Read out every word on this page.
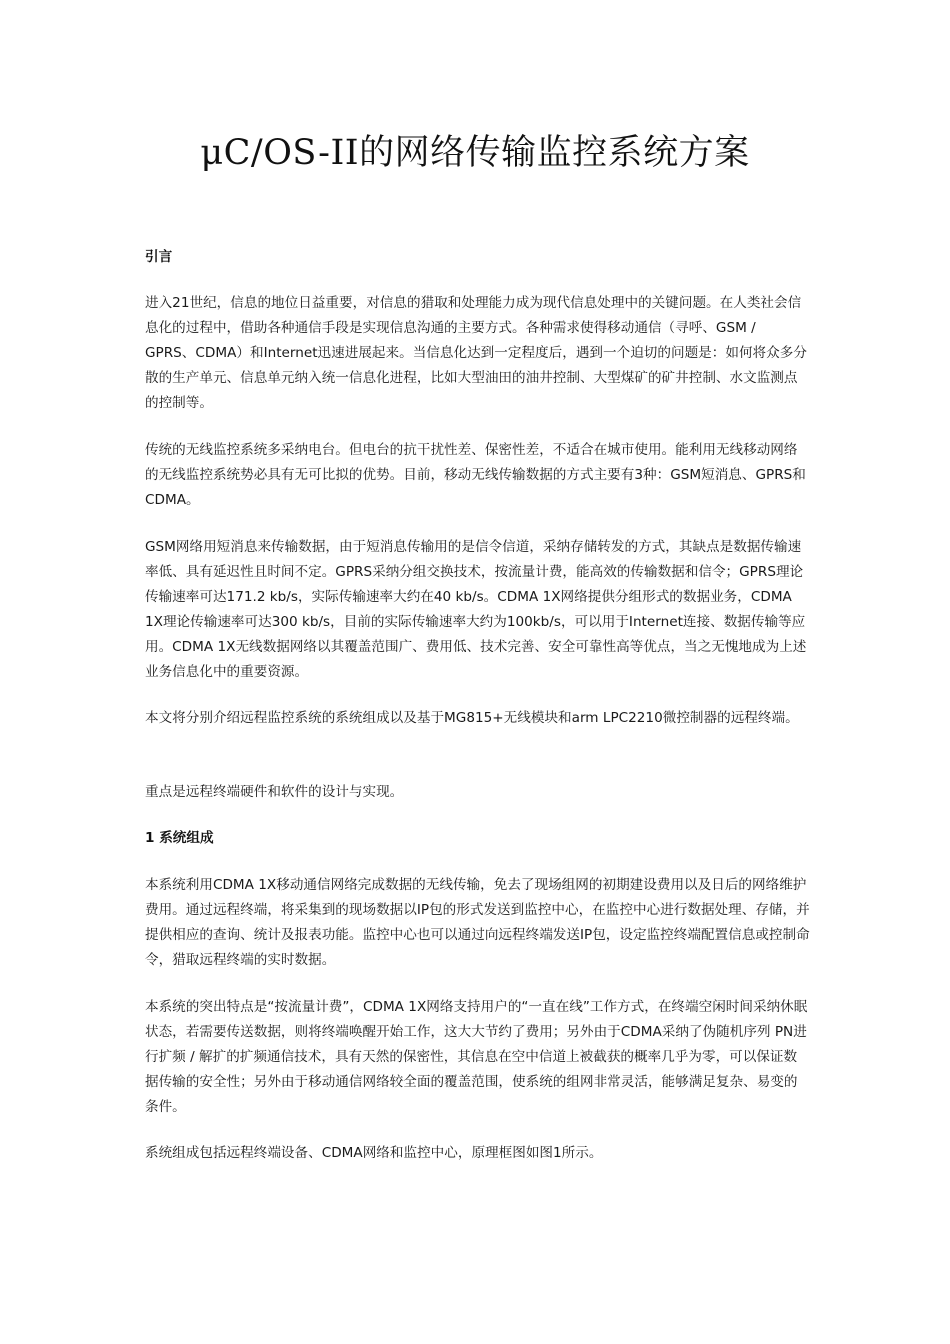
μC/OS-II的网络传输监控系统方案
引言

进入21世纪，信息的地位日益重要，对信息的猎取和处理能力成为现代信息处理中的关键问题。在人类社会信息化的过程中，借助各种通信手段是实现信息沟通的主要方式。各种需求使得移动通信（寻呼、GSM / GPRS、CDMA）和Internet迅速进展起来。当信息化达到一定程度后，遇到一个迫切的问题是：如何将众多分散的生产单元、信息单元纳入统一信息化进程，比如大型油田的油井控制、大型煤矿的矿井控制、水文监测点的控制等。

传统的无线监控系统多采纳电台。但电台的抗干扰性差、保密性差，不适合在城市使用。能利用无线移动网络的无线监控系统势必具有无可比拟的优势。目前，移动无线传输数据的方式主要有3种：GSM短消息、GPRS和CDMA。

GSM网络用短消息来传输数据，由于短消息传输用的是信令信道，采纳存储转发的方式，其缺点是数据传输速率低、具有延迟性且时间不定。GPRS采纳分组交换技术，按流量计费，能高效的传输数据和信令；GPRS理论传输速率可达171.2 kb/s，实际传输速率大约在40 kb/s。CDMA 1X网络提供分组形式的数据业务，CDMA 1X理论传输速率可达300 kb/s，目前的实际传输速率大约为100kb/s，可以用于Internet连接、数据传输等应用。CDMA 1X无线数据网络以其覆盖范围广、费用低、技术完善、安全可靠性高等优点，当之无愧地成为上述业务信息化中的重要资源。

本文将分别介绍远程监控系统的系统组成以及基于MG815+无线模块和arm LPC2210微控制器的远程终端。

重点是远程终端硬件和软件的设计与实现。

1 系统组成

本系统利用CDMA 1X移动通信网络完成数据的无线传输，免去了现场组网的初期建设费用以及日后的网络维护费用。通过远程终端，将采集到的现场数据以IP包的形式发送到监控中心，在监控中心进行数据处理、存储，并提供相应的查询、统计及报表功能。监控中心也可以通过向远程终端发送IP包，设定监控终端配置信息或控制命令，猎取远程终端的实时数据。

本系统的突出特点是“按流量计费”，CDMA 1X网络支持用户的“一直在线”工作方式，在终端空闲时间采纳休眠状态，若需要传送数据，则将终端唤醒开始工作，这大大节约了费用；另外由于CDMA采纳了伪随机序列 PN进行扩频 / 解扩的扩频通信技术，具有天然的保密性，其信息在空中信道上被截获的概率几乎为零，可以保证数据传输的安全性；另外由于移动通信网络较全面的覆盖范围，使系统的组网非常灵活，能够满足复杂、易变的条件。

系统组成包括远程终端设备、CDMA网络和监控中心，原理框图如图1所示。
